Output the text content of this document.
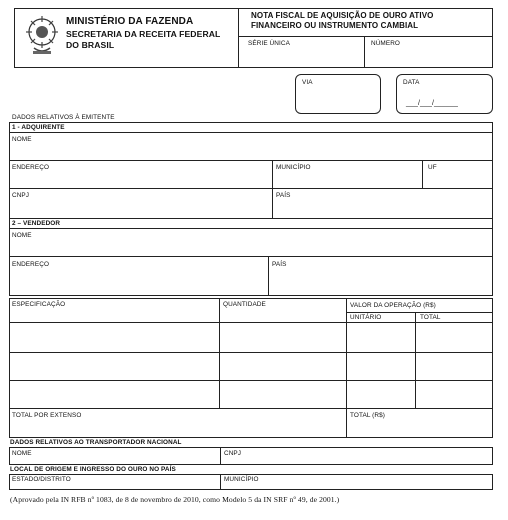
MINISTÉRIO DA FAZENDA
SECRETARIA DA RECEITA FEDERAL
DO BRASIL
NOTA FISCAL DE AQUISIÇÃO DE OURO ATIVO
FINANCEIRO OU INSTRUMENTO CAMBIAL
SÉRIE ÚNICA	NÚMERO
VIA	DATA
___/___/______
DADOS RELATIVOS À EMITENTE
1 - ADQUIRENTE
NOME
ENDEREÇO	MUNICÍPIO	UF
CNPJ	PAÍS
2 – VENDEDOR
NOME
ENDEREÇO	PAÍS
ESPECIFICAÇÃO	QUANTIDADE	VALOR DA OPERAÇÃO (R$)
UNITÁRIO	TOTAL
TOTAL POR EXTENSO	TOTAL (R$)
DADOS RELATIVOS AO TRANSPORTADOR NACIONAL
NOME	CNPJ
LOCAL DE ORIGEM E INGRESSO DO OURO NO PAÍS
ESTADO/DISTRITO	MUNICÍPIO
(Aprovado pela IN RFB nº 1083, de 8 de novembro de 2010, como Modelo 5 da IN SRF nº 49, de 2001.)
